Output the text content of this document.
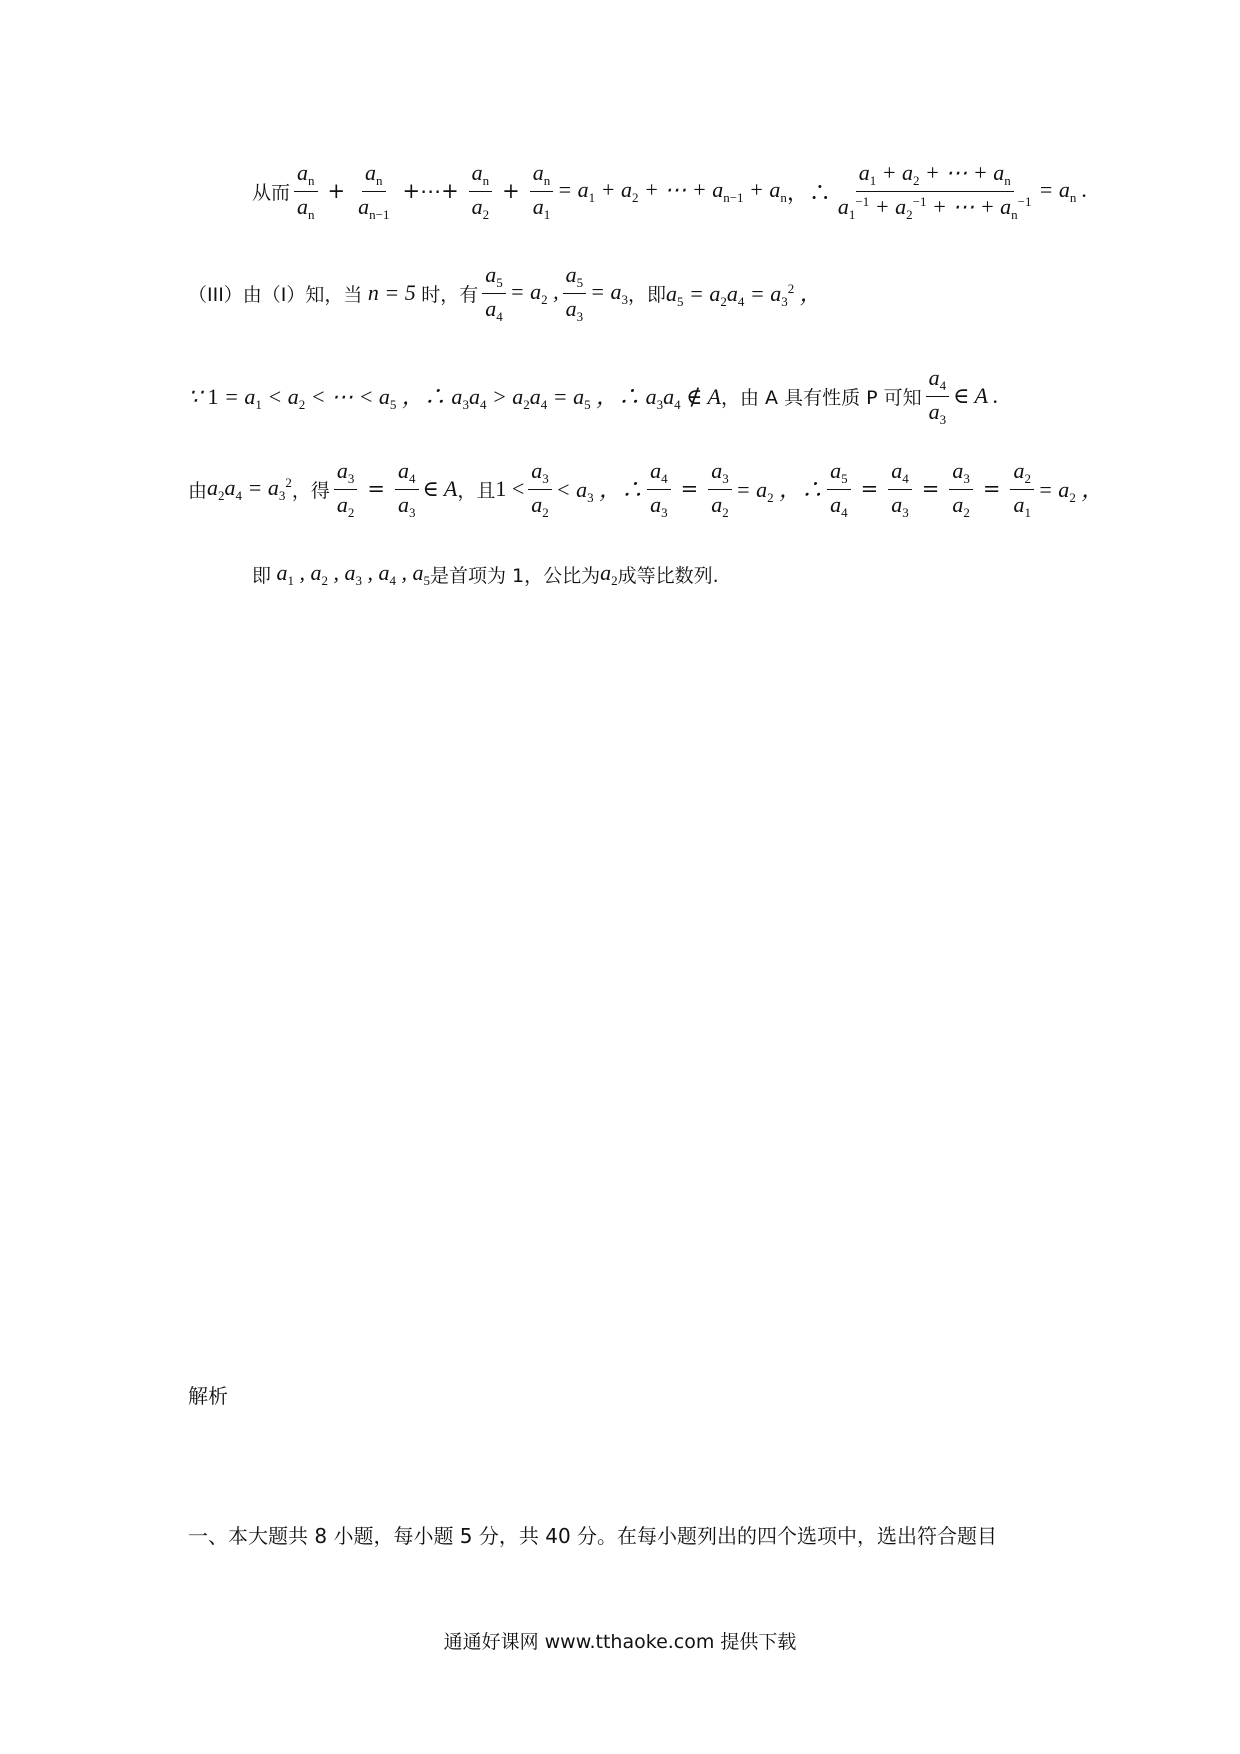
从而 $\frac{a_n}{a_n} + \frac{a_n}{a_{n-1}}$ +⋯+ $\frac{a_n}{a_2} + \frac{a_n}{a_1} = a_1 + a_2$ + ⋯ + $a_{n-1} + a_n$ ，∴ $\frac{a_1 + a_2 + \cdots + a_n}{a_1^{-1} + a_2^{-1} + \cdots + a_n^{-1}} = a_n$ .
（III）由（Ⅰ）知，当 n = 5 时，有 $\frac{a_5}{a_4} = a_2$ , $\frac{a_5}{a_3} = a_3$ ，即 $a_5 = a_2a_4 = a_3^2$ ，
∵ $1 = a_1 < a_2$ < ⋯ < $a_5$ ，∴ $a_3a_4 > a_2a_4 = a_5$ ，∴ $a_3a_4$ ∉ A ，由 A 具有性质 P 可知 $\frac{a_4}{a_3}$ ∈ A .
由 $a_2a_4 = a_3^2$ ，得 $\frac{a_3}{a_2} = \frac{a_4}{a_3}$ ∈ A ，且 $1 < \frac{a_3}{a_2} < a_3$ ，∴ $\frac{a_4}{a_3} = \frac{a_3}{a_2} = a_2$ ，∴ $\frac{a_5}{a_4} = \frac{a_4}{a_3} = \frac{a_3}{a_2} = \frac{a_2}{a_1} = a_2$ ，
即 $a_1$ , $a_2$ , $a_3$ , $a_4$ , $a_5$ 是首项为 1，公比为 $a_2$ 成等比数列.
解析
一、本大题共 8 小题，每小题 5 分，共 40 分。在每小题列出的四个选项中，选出符合题目
通通好课网 www.tthaoke.com 提供下载
